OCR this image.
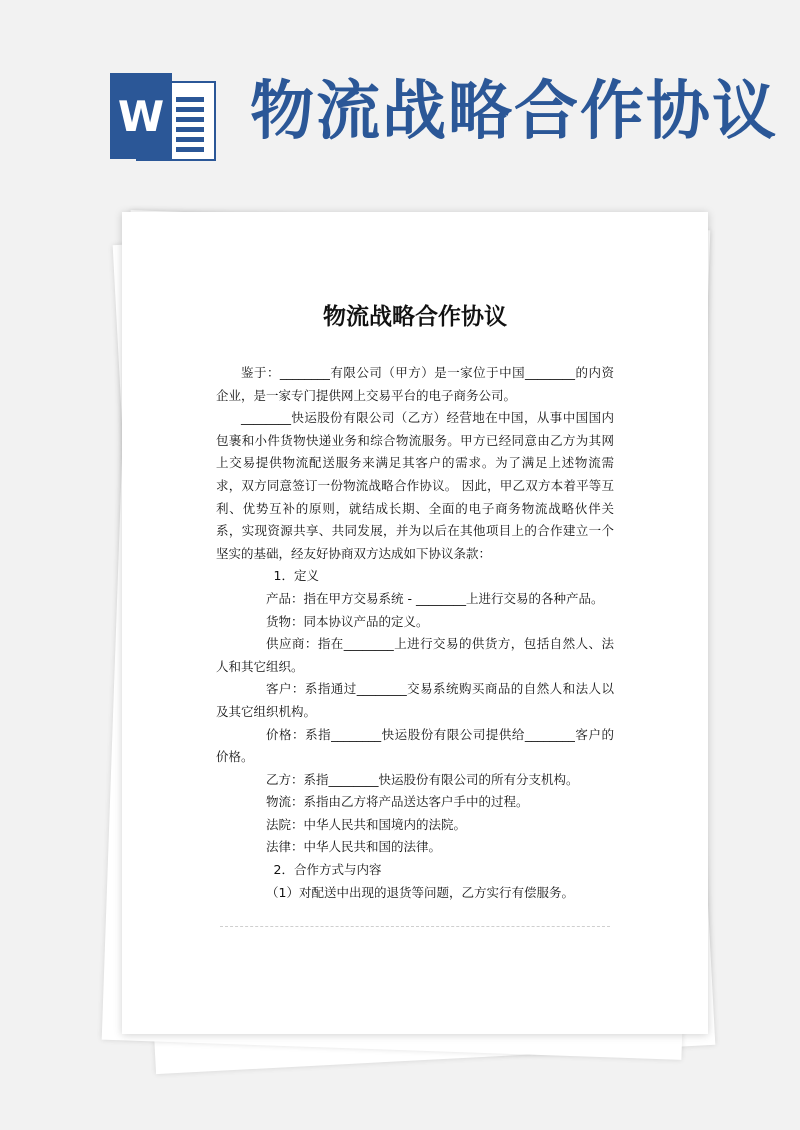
W 物流战略合作协议
物流战略合作协议

鉴于：________有限公司（甲方）是一家位于中国________的内资企业，是一家专门提供网上交易平台的电子商务公司。

________快运股份有限公司（乙方）经营地在中国，从事中国国内包裹和小件货物快递业务和综合物流服务。甲方已经同意由乙方为其网上交易提供物流配送服务来满足其客户的需求。为了满足上述物流需求，双方同意签订一份物流战略合作协议。 因此，甲乙双方本着平等互利、优势互补的原则，就结成长期、全面的电子商务物流战略伙伴关系，实现资源共享、共同发展，并为以后在其他项目上的合作建立一个坚实的基础，经友好协商双方达成如下协议条款：

1．定义

产品：指在甲方交易系统 - ________上进行交易的各种产品。

货物：同本协议产品的定义。

供应商：指在________上进行交易的供货方，包括自然人、法人和其它组织。

客户：系指通过________交易系统购买商品的自然人和法人以及其它组织机构。

价格：系指________快运股份有限公司提供给________客户的价格。

乙方：系指________快运股份有限公司的所有分支机构。

物流：系指由乙方将产品送达客户手中的过程。

法院：中华人民共和国境内的法院。

法律：中华人民共和国的法律。

2．合作方式与内容

（1）对配送中出现的退货等问题，乙方实行有偿服务。
